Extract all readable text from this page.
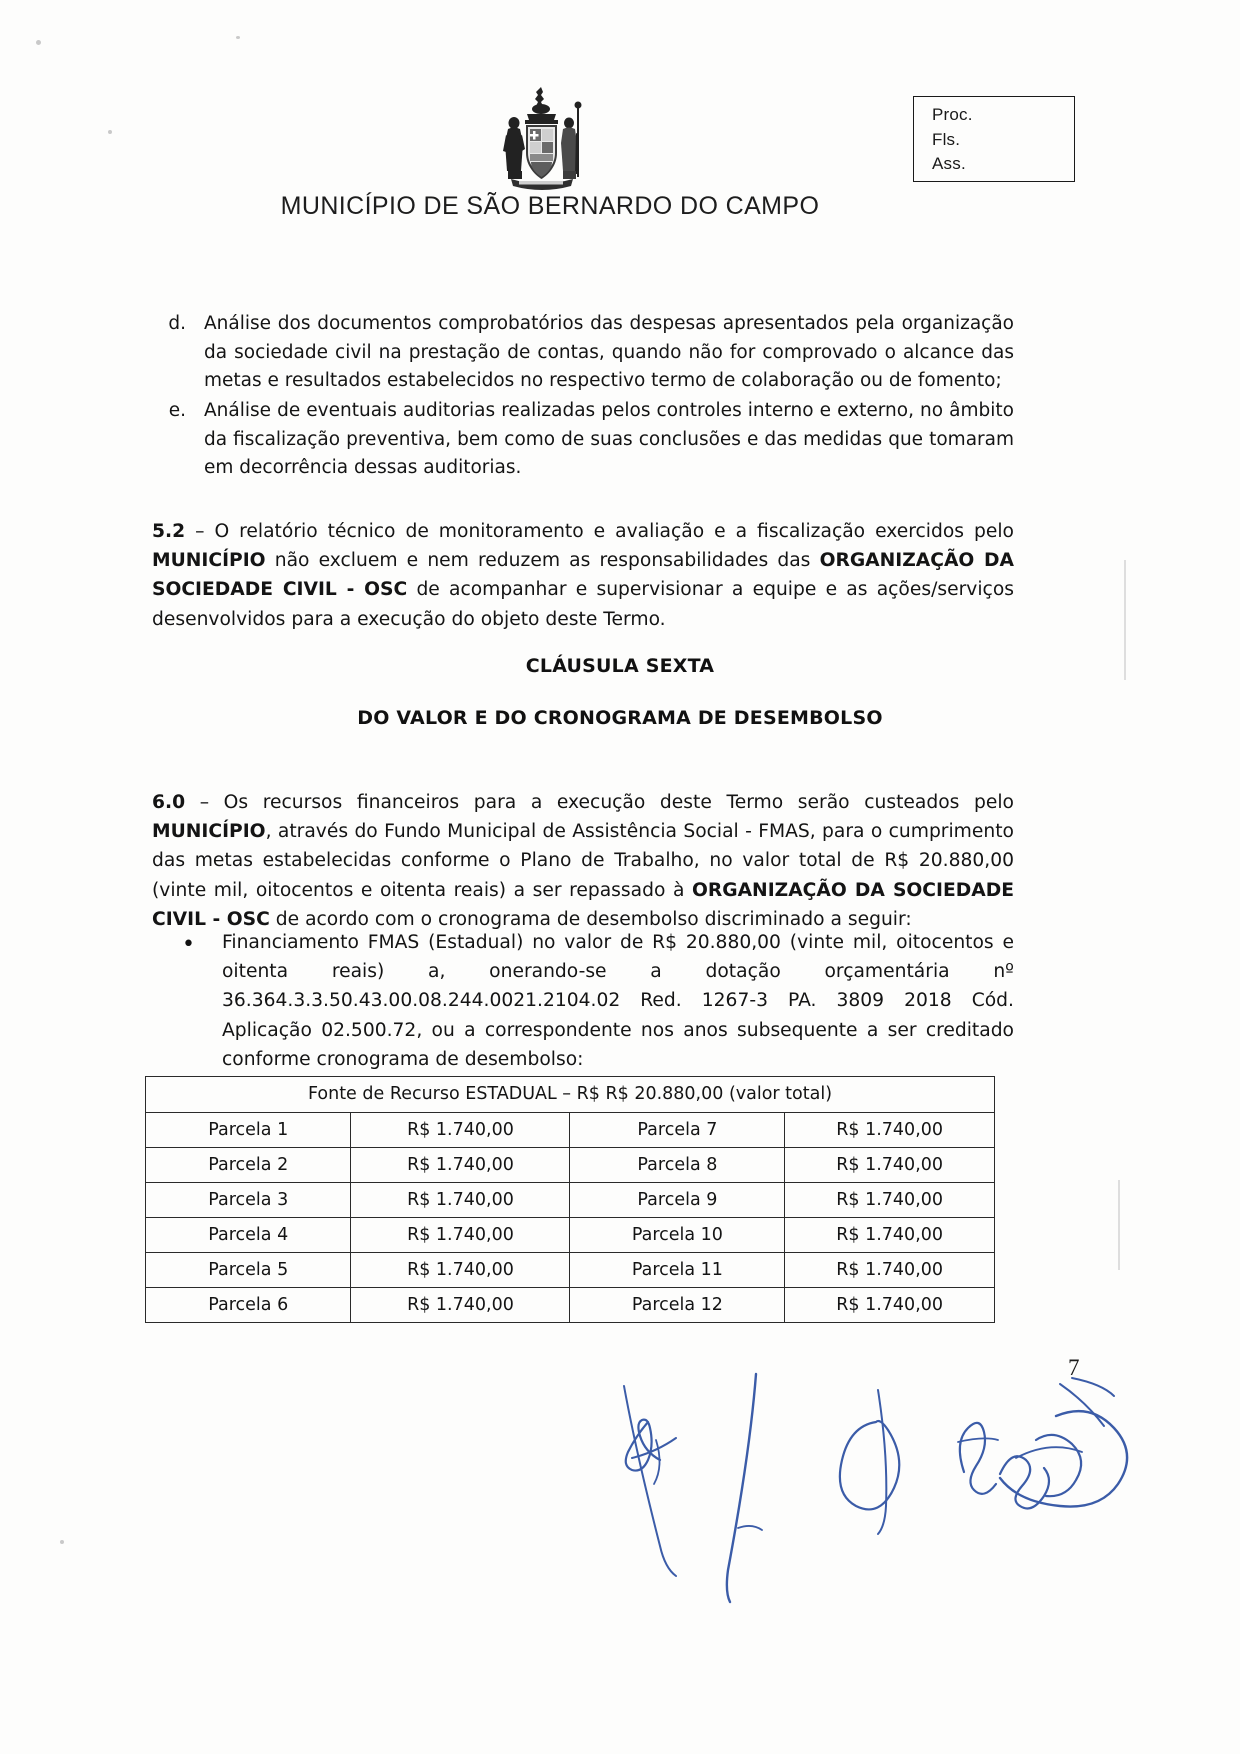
Proc.
Fls.
Ass.
MUNICÍPIO DE SÃO BERNARDO DO CAMPO
d. Análise dos documentos comprobatórios das despesas apresentados pela organização da sociedade civil na prestação de contas, quando não for comprovado o alcance das metas e resultados estabelecidos no respectivo termo de colaboração ou de fomento;
e. Análise de eventuais auditorias realizadas pelos controles interno e externo, no âmbito da fiscalização preventiva, bem como de suas conclusões e das medidas que tomaram em decorrência dessas auditorias.

5.2 – O relatório técnico de monitoramento e avaliação e a fiscalização exercidos pelo MUNICÍPIO não excluem e nem reduzem as responsabilidades das ORGANIZAÇÃO DA SOCIEDADE CIVIL - OSC de acompanhar e supervisionar a equipe e as ações/serviços desenvolvidos para a execução do objeto deste Termo.

CLÁUSULA SEXTA
DO VALOR E DO CRONOGRAMA DE DESEMBOLSO
6.0 – Os recursos financeiros para a execução deste Termo serão custeados pelo MUNICÍPIO, através do Fundo Municipal de Assistência Social - FMAS, para o cumprimento das metas estabelecidas conforme o Plano de Trabalho, no valor total de R$ 20.880,00 (vinte mil, oitocentos e oitenta reais) a ser repassado à ORGANIZAÇÃO DA SOCIEDADE CIVIL - OSC de acordo com o cronograma de desembolso discriminado a seguir:
•	Financiamento FMAS (Estadual) no valor de R$ 20.880,00 (vinte mil, oitocentos e oitenta reais) a, onerando-se a dotação orçamentária nº 36.364.3.3.50.43.00.08.244.0021.2104.02 Red. 1267-3 PA. 3809 2018 Cód. Aplicação 02.500.72, ou a correspondente nos anos subsequente a ser creditado conforme cronograma de desembolso:
Fonte de Recurso ESTADUAL – R$ R$ 20.880,00 (valor total)			
Parcela 1	R$ 1.740,00	Parcela 7	R$ 1.740,00
Parcela 2	R$ 1.740,00	Parcela 8	R$ 1.740,00
Parcela 3	R$ 1.740,00	Parcela 9	R$ 1.740,00
Parcela 4	R$ 1.740,00	Parcela 10	R$ 1.740,00
Parcela 5	R$ 1.740,00	Parcela 11	R$ 1.740,00
Parcela 6	R$ 1.740,00	Parcela 12	R$ 1.740,00
7
